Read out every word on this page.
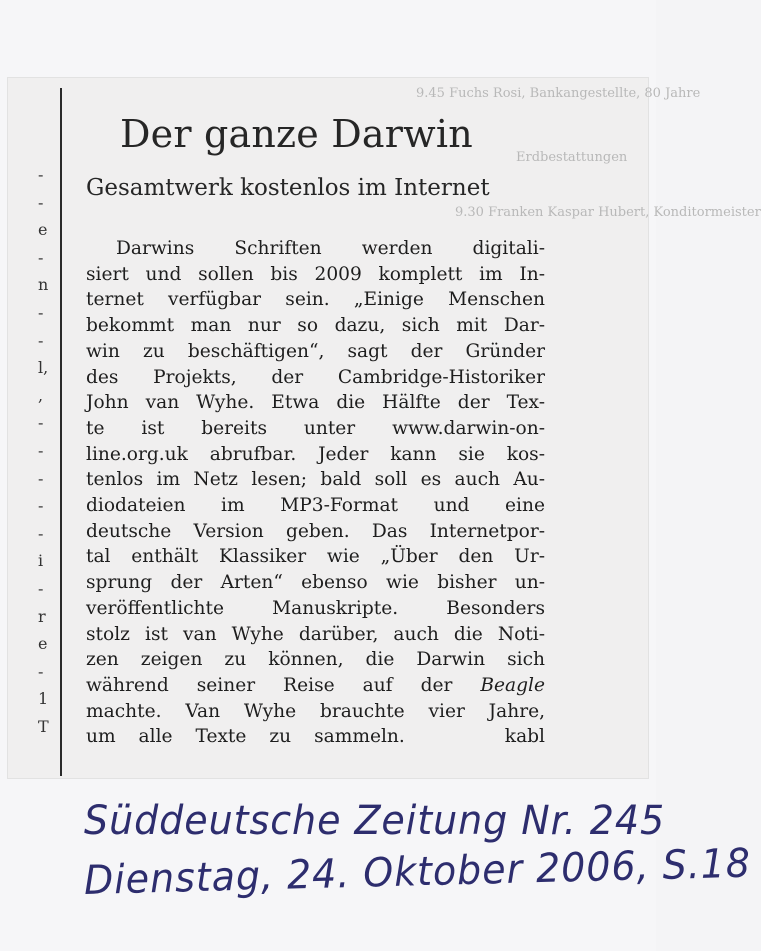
9.45 Fuchs Rosi, Bankangestellte, 80 Jahre
Erdbestattungen
9.30 Franken Kaspar Hubert, Konditormeister
-
-
e
-
n
-
-
l,
,
-
-
-
-
-
i
-
r
e
-
1
T
Der ganze Darwin
Gesamtwerk kostenlos im Internet
Darwins Schriften werden digitali-
siert und sollen bis 2009 komplett im In-
ternet verfügbar sein. „Einige Menschen
bekommt man nur so dazu, sich mit Dar-
win zu beschäftigen“, sagt der Gründer
des Projekts, der Cambridge-Historiker
John van Wyhe. Etwa die Hälfte der Tex-
te ist bereits unter www.darwin-on-
line.org.uk abrufbar. Jeder kann sie kos-
tenlos im Netz lesen; bald soll es auch Au-
diodateien im MP3-Format und eine
deutsche Version geben. Das Internetpor-
tal enthält Klassiker wie „Über den Ur-
sprung der Arten“ ebenso wie bisher un-
veröffentlichte Manuskripte. Besonders
stolz ist van Wyhe darüber, auch die Noti-
zen zeigen zu können, die Darwin sich
während seiner Reise auf der Beagle
machte. Van Wyhe brauchte vier Jahre,
um alle Texte zu sammeln.	kabl
Süddeutsche Zeitung Nr. 245
Dienstag, 24. Oktober 2006, S.18
